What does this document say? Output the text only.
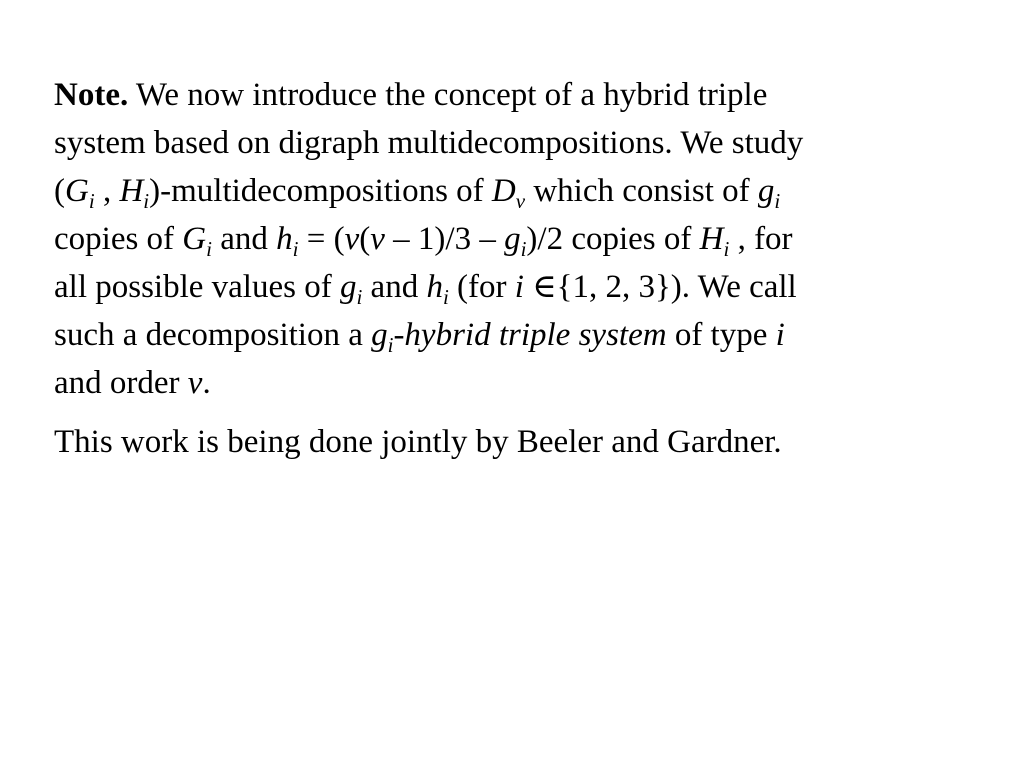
Note. We now introduce the concept of a hybrid triple
system based on digraph multidecompositions. We study
($G_i$ , $H_i$)-multidecompositions of $D_v$ which consist of $g_i$
copies of $G_i$ and $h_i = (v(v - 1)/3 - g_i)/2$ copies of $H_i$ , for
all possible values of $g_i$ and $h_i$ (for i ∈{1, 2, 3}). We call
such a decomposition a $g_i$-hybrid triple system of type i
and order v.

This work is being done jointly by Beeler and Gardner.
